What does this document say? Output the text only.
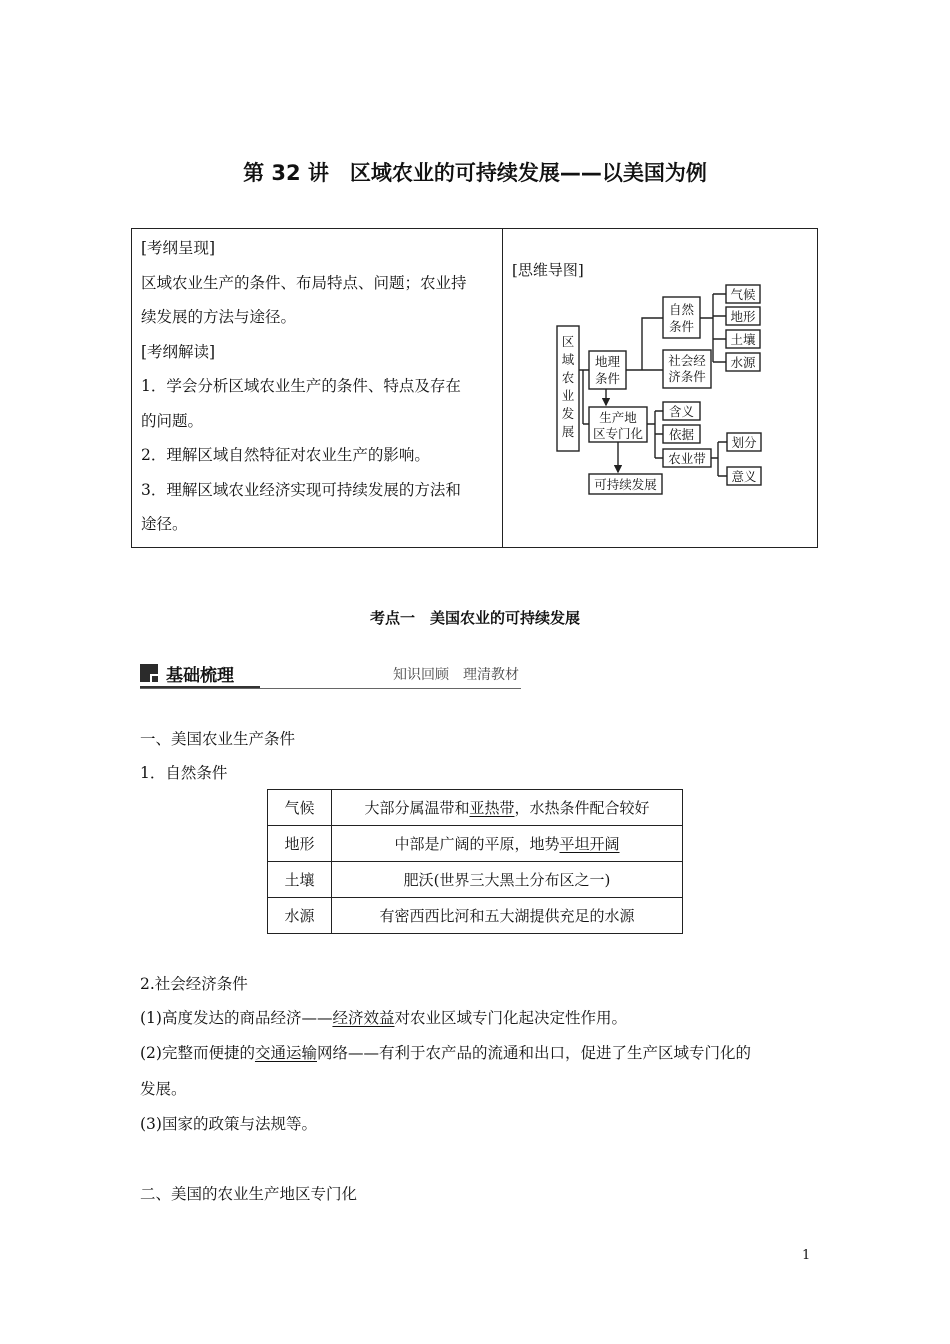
第 32 讲　区域农业的可持续发展——以美国为例
[考纲呈现]
区域农业生产的条件、布局特点、问题；农业持
续发展的方法与途径。
[考纲解读]
1．学会分析区域农业生产的条件、特点及存在
的问题。
2．理解区域自然特征对农业生产的影响。
3．理解区域农业经济实现可持续发展的方法和
途径。
[思维导图]
区
域
农
业
发
展
地理
条件
自然
条件
社会经
济条件
气候
地形
土壤
水源
生产地
区专门化
含义
依据
农业带
划分
意义
可持续发展
考点一　美国农业的可持续发展
基础梳理	知识回顾　理清教材
一、美国农业生产条件
1．自然条件
气候	大部分属温带和亚热带，水热条件配合较好
地形	中部是广阔的平原，地势平坦开阔
土壤	肥沃(世界三大黑土分布区之一)
水源	有密西西比河和五大湖提供充足的水源
2.社会经济条件
(1)高度发达的商品经济——经济效益对农业区域专门化起决定性作用。
(2)完整而便捷的交通运输网络——有利于农产品的流通和出口，促进了生产区域专门化的
发展。
(3)国家的政策与法规等。
二、美国的农业生产地区专门化
1
